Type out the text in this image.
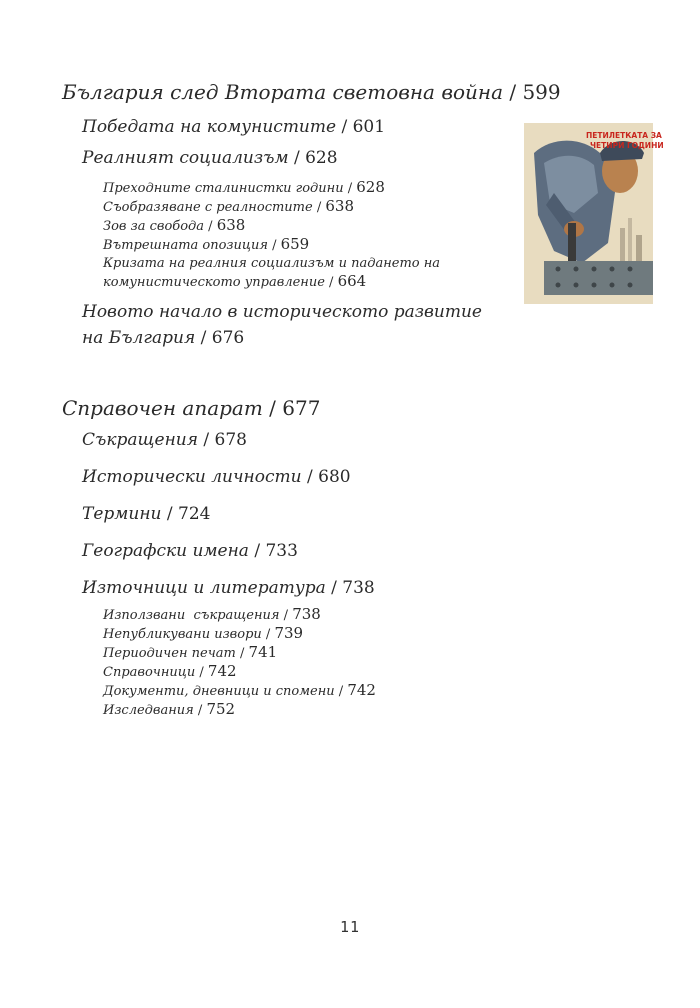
България след Втората световна война / 599

Победата на комунистите / 601

Реалният социализъм / 628

Преходните сталинистки години / 628

Съобразяване с реалностите / 638

Зов за свобода / 638

Вътрешната опозиция / 659

Кризата на реалния социализъм и падането на

комунистическото управление / 664

Новото начало в историческото развитие

на България / 676

Справочен апарат / 677

Съкращения / 678

Исторически личности / 680

Термини / 724

Географски имена / 733

Източници и литература / 738

Използвани  съкращения / 738

Непубликувани извори / 739

Периодичен печат / 741

Справочници / 742

Документи, дневници и спомени / 742

Изследвания / 752

ПЕТИЛЕТКАТА ЗА
ЧЕТИРИ ГОДИНИ
11
